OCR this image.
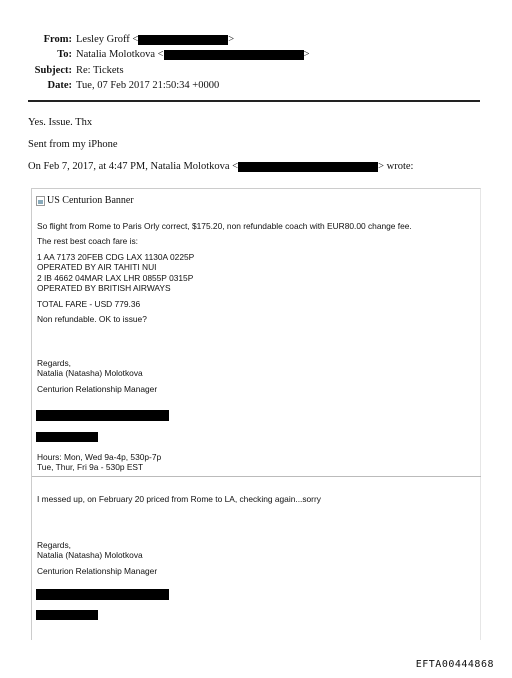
From: Lesley Groff <	>
To: Natalia Molotkova <	>
Subject: Re: Tickets
Date: Tue, 07 Feb 2017 21:50:34 +0000
Yes. Issue. Thx
Sent from my iPhone
On Feb 7, 2017, at 4:47 PM, Natalia Molotkova <	> wrote:
US Centurion Banner
So flight from Rome to Paris Orly correct, $175.20, non refundable coach with EUR80.00 change fee.
The rest best coach fare is:
1 AA 7173 20FEB CDG LAX 1130A 0225P
OPERATED BY AIR TAHITI NUI
2 IB 4662 04MAR LAX LHR 0855P 0315P
OPERATED BY BRITISH AIRWAYS
TOTAL FARE - USD 779.36
Non refundable. OK to issue?
Regards,
Natalia (Natasha) Molotkova
Centurion Relationship Manager
Hours: Mon, Wed 9a-4p, 530p-7p
Tue, Thur, Fri 9a - 530p EST
I messed up, on February 20 priced from Rome to LA, checking again...sorry
Regards,
Natalia (Natasha) Molotkova
Centurion Relationship Manager
EFTA00444868
